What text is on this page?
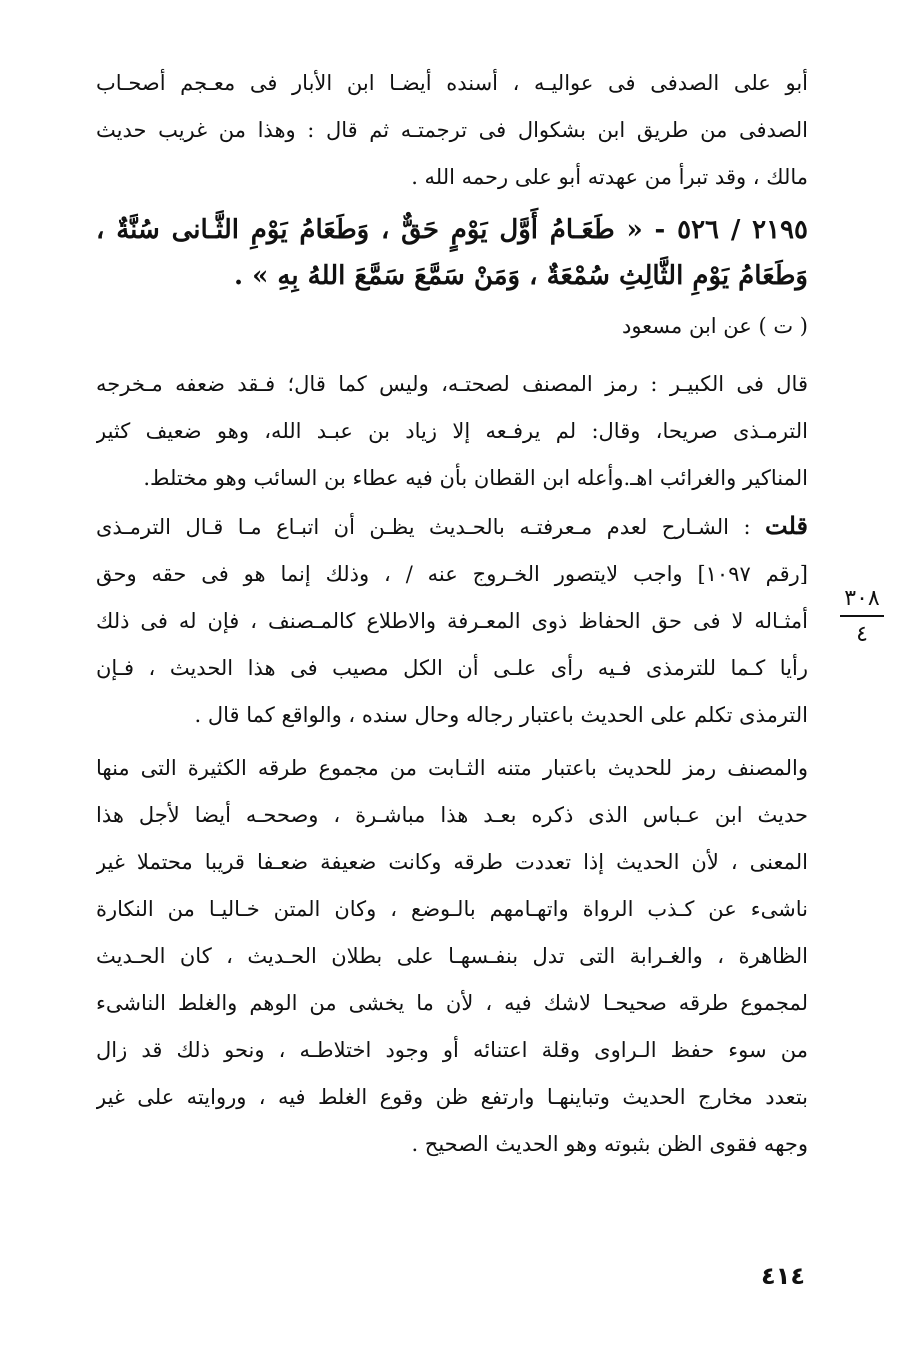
أبو على الصدفى فى عواليـه ، أسنده أيضـا ابن الأبار فى معـجم أصحـاب
الصدفى من طريق ابن بشكوال فى ترجمتـه ثم قال : وهذا من غريب حديث
مالك ، وقد تبرأ من عهدته أبو على رحمه الله .

٢١٩٥ / ٥٢٦ - « طَعَـامُ أَوَّل يَوْمٍ حَقٌّ ، وَطَعَامُ يَوْمِ الثَّـانى سُنَّةٌ ،
وَطَعَامُ يَوْمِ الثَّالِثِ سُمْعَةٌ ، وَمَنْ سَمَّعَ سَمَّعَ اللهُ بِهِ » .

( ت ) عن ابن مسعود

قال فى الكبيـر : رمز المصنف لصحتـه، وليس كما قال؛ فـقد ضعفه مـخرجه
الترمـذى صريحا، وقال: لم يرفـعه إلا زياد بن عبـد الله، وهو ضعيف كثير
المناكير والغرائب اهـ.وأعله ابن القطان بأن فيه عطاء بن السائب وهو مختلط.

قلت : الشـارح لعدم مـعرفتـه بالحـديث يظـن أن اتبـاع مـا قـال الترمـذى
[رقم ١٠٩٧] واجب لايتصور الخـروج عنه / ، وذلك إنما هو فى حقه وحق
أمثـاله لا فى حق الحفاظ ذوى المعـرفة والاطلاع كالمـصنف ، فإن له فى ذلك
رأيا كـما للترمذى فـيه رأى علـى أن الكل مصيب فى هذا الحديث ، فـإن
الترمذى تكلم على الحديث باعتبار رجاله وحال سنده ، والواقع كما قال .

والمصنف رمز للحديث باعتبار متنه الثـابت من مجموع طرقه الكثيرة التى منها
حديث ابن عـباس الذى ذكره بعـد هذا مباشـرة ، وصححـه أيضا لأجل هذا
المعنى ، لأن الحديث إذا تعددت طرقه وكانت ضعيفة ضعـفا قريبا محتملا غير
ناشىء عن كـذب الرواة واتهـامهم بالـوضع ، وكان المتن خـاليـا من النكارة
الظاهرة ، والغـرابة التى تدل بنفـسهـا على بطلان الحـديث ، كان الحـديث
لمجموع طرقه صحيحـا لاشك فيه ، لأن ما يخشى من الوهم والغلط الناشىء
من سوء حفظ الـراوى وقلة اعتنائه أو وجود اختلاطـه ، ونحو ذلك قد زال
بتعدد مخارج الحديث وتباينهـا وارتفع ظن وقوع الغلط فيه ، وروايته على غير
وجهه فقوى الظن بثبوته وهو الحديث الصحيح .

٣٠٨
٤
٤١٤
